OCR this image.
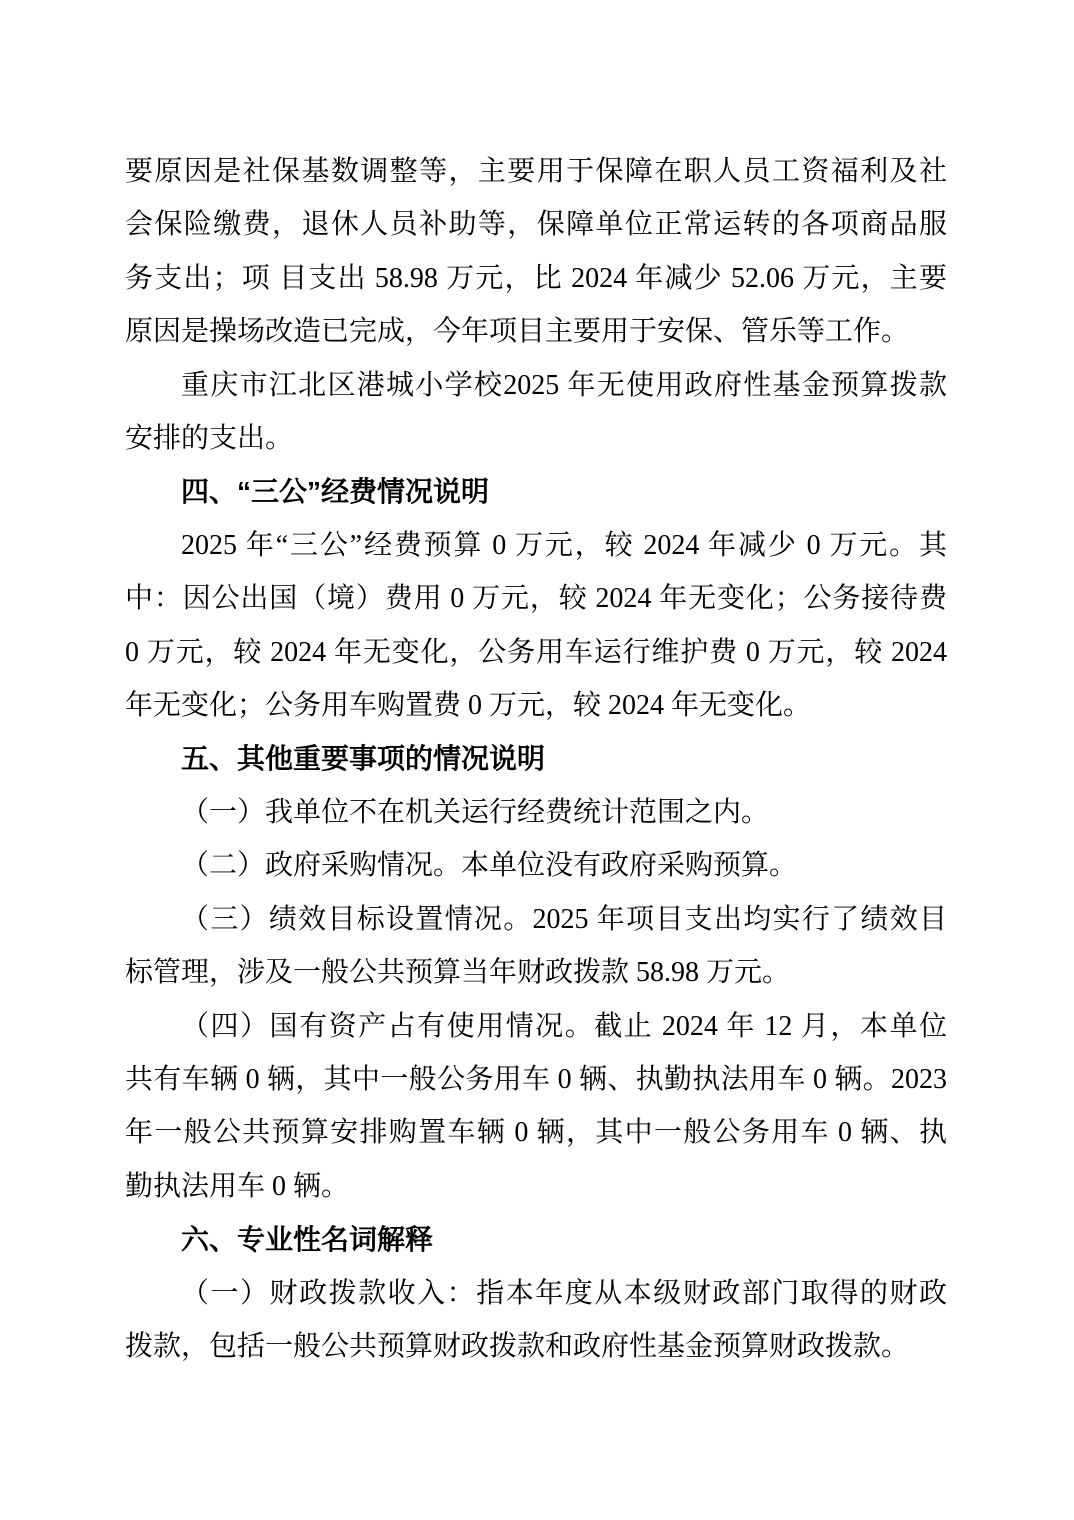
要原因是社保基数调整等，主要用于保障在职人员工资福利及社
会保险缴费，退休人员补助等，保障单位正常运转的各项商品服
务支出；项 目支出 58.98 万元，比 2024 年减少 52.06 万元，主要
原因是操场改造已完成，今年项目主要用于安保、管乐等工作。
重庆市江北区港城小学校2025 年无使用政府性基金预算拨款
安排的支出。
四、“三公”经费情况说明
2025 年“三公”经费预算 0 万元，较 2024 年减少 0 万元。其
中：因公出国（境）费用 0 万元，较 2024 年无变化；公务接待费
0 万元，较 2024 年无变化，公务用车运行维护费 0 万元，较 2024
年无变化；公务用车购置费 0 万元，较 2024 年无变化。
五、其他重要事项的情况说明
（一）我单位不在机关运行经费统计范围之内。
（二）政府采购情况。本单位没有政府采购预算。
（三）绩效目标设置情况。2025 年项目支出均实行了绩效目
标管理，涉及一般公共预算当年财政拨款 58.98 万元。
（四）国有资产占有使用情况。截止 2024 年 12 月，本单位
共有车辆 0 辆，其中一般公务用车 0 辆、执勤执法用车 0 辆。2023
年一般公共预算安排购置车辆 0 辆，其中一般公务用车 0 辆、执
勤执法用车 0 辆。
六、专业性名词解释
（一）财政拨款收入：指本年度从本级财政部门取得的财政
拨款，包括一般公共预算财政拨款和政府性基金预算财政拨款。
